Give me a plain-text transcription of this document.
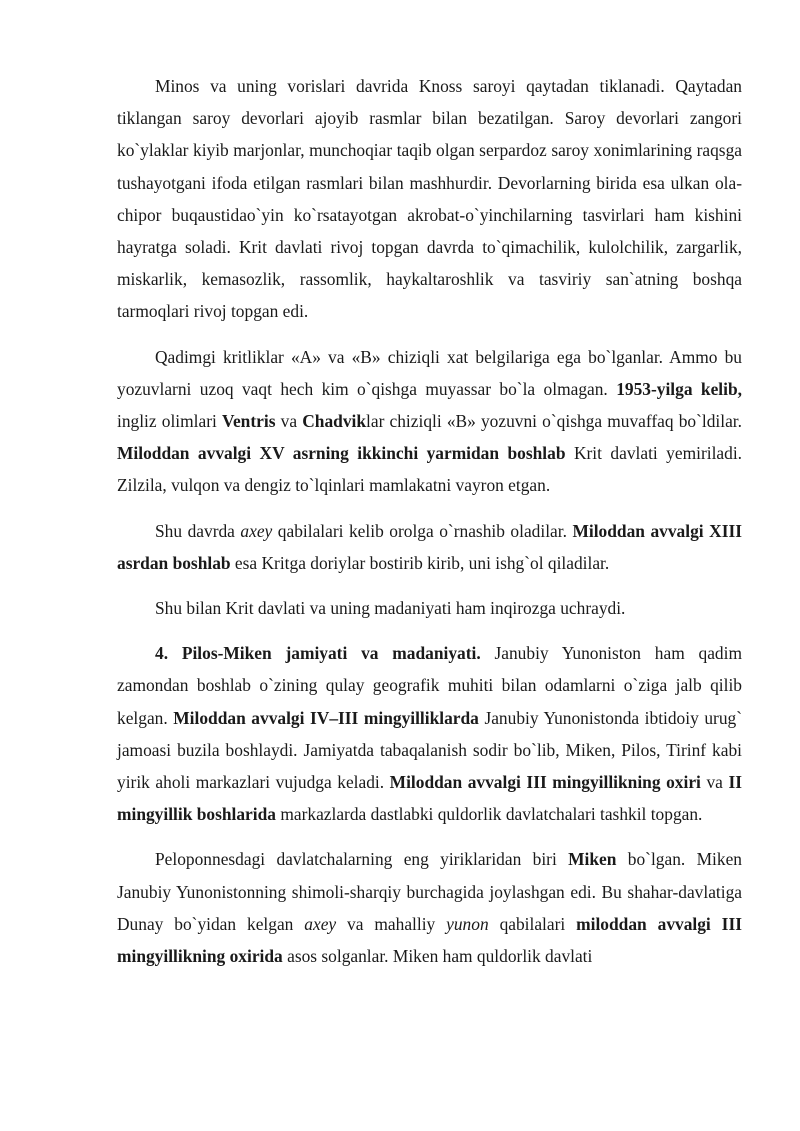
Minos va uning vorislari davrida Knoss saroyi qaytadan tiklanadi. Qaytadan tiklangan saroy devorlari ajoyib rasmlar bilan bezatilgan. Saroy devorlari zangori ko`ylaklar kiyib marjonlar, munchoqiar taqib olgan serpardoz saroy xonimlarining raqsga tushayotgani ifoda etilgan rasmlari bilan mashhurdir. Devorlarning birida esa ulkan ola-chipor buqaustidao`yin ko`rsatayotgan akrobat-o`yinchilarning tasvirlari ham kishini hayratga soladi. Krit davlati rivoj topgan davrda to`qimachilik, kulolchilik, zargarlik, miskarlik, kemasozlik, rassomlik, haykaltaroshlik va tasviriy san`atning boshqa tarmoqlari rivoj topgan edi.

Qadimgi kritliklar «A» va «B» chiziqli xat belgilariga ega bo`lganlar. Ammo bu yozuvlarni uzoq vaqt hech kim o`qishga muyassar bo`la olmagan. 1953-yilga kelib, ingliz olimlari Ventris va Chadviklar chiziqli «B» yozuvni o`qishga muvaffaq bo`ldilar. Miloddan avvalgi XV asrning ikkinchi yarmidan boshlab Krit davlati yemiriladi. Zilzila, vulqon va dengiz to`lqinlari mamlakatni vayron etgan.

Shu davrda axey qabilalari kelib orolga o`rnashib oladilar. Miloddan avvalgi XIII asrdan boshlab esa Kritga doriylar bostirib kirib, uni ishg`ol qiladilar.

Shu bilan Krit davlati va uning madaniyati ham inqirozga uchraydi.

4. Pilos-Miken jamiyati va madaniyati. Janubiy Yunoniston ham qadim zamondan boshlab o`zining qulay geografik muhiti bilan odamlarni o`ziga jalb qilib kelgan. Miloddan avvalgi IV–III mingyilliklarda Janubiy Yunonistonda ibtidoiy urug` jamoasi buzila boshlaydi. Jamiyatda tabaqalanish sodir bo`lib, Miken, Pilos, Tirinf kabi yirik aholi markazlari vujudga keladi. Miloddan avvalgi III mingyillikning oxiri va II mingyillik boshlarida markazlarda dastlabki quldorlik davlatchalari tashkil topgan.

Peloponnesdagi davlatchalarning eng yiriklaridan biri Miken bo`lgan. Miken Janubiy Yunonistonning shimoli-sharqiy burchagida joylashgan edi. Bu shahar-davlatiga Dunay bo`yidan kelgan axey va mahalliy yunon qabilalari miloddan avvalgi III mingyillikning oxirida asos solganlar. Miken ham quldorlik davlati
